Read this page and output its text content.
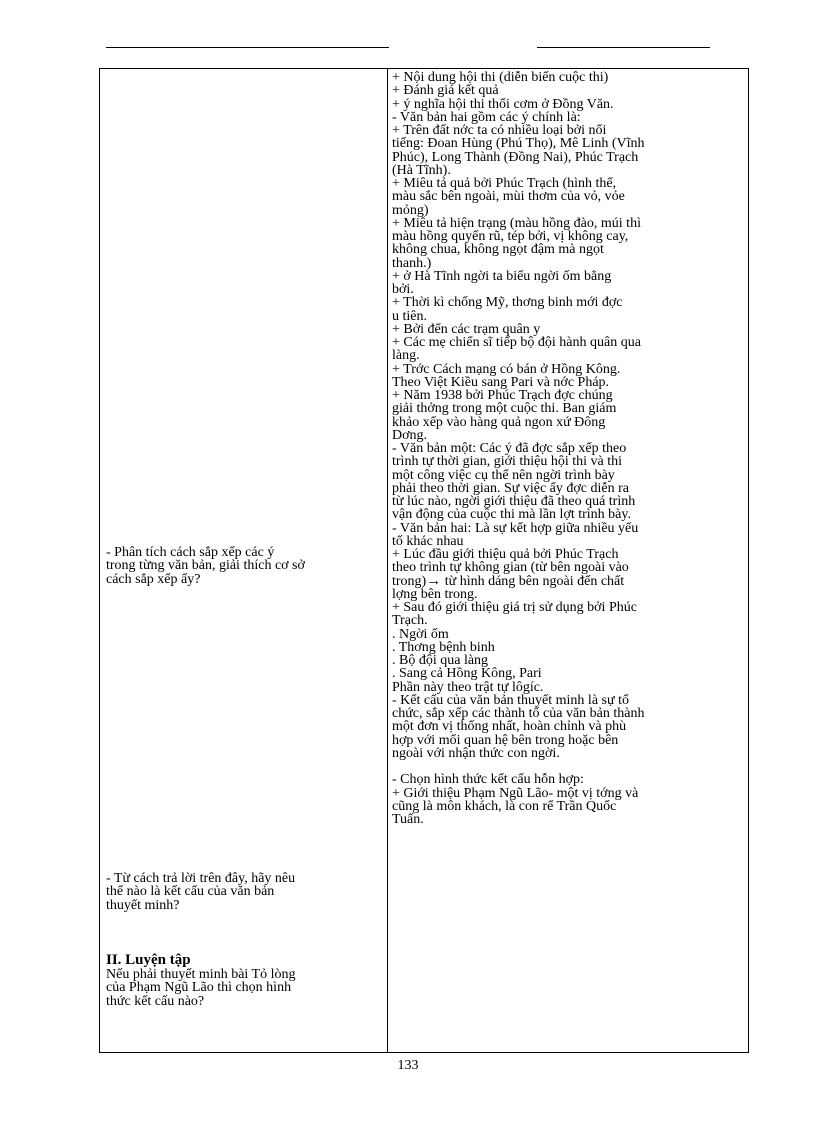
- Phân tích cách sắp xếp các ý
trong từng văn bản, giải thích cơ sở
cách sắp xếp ấy?
- Từ cách trả lời trên đây, hãy nêu
thế nào là kết cấu của văn bản
thuyết minh?
II. Luyện tập
Nếu phải thuyết minh bài Tỏ lòng
của Phạm Ngũ Lão thì chọn hình
thức kết cấu nào?
+ Nội dung hội thi (diễn biến cuộc thi)
+ Đánh giá kết quả
+ ý nghĩa hội thi thổi cơm ở Đồng Văn.
- Văn bản hai gồm các ý chính là:
+ Trên đất nớc ta có nhiều loại bởi nổi
tiếng: Đoan Hùng (Phú Thọ), Mê Linh (Vĩnh
Phúc), Long Thành (Đồng Nai), Phúc Trạch
(Hà Tĩnh).
+ Miêu tả quả bởi Phúc Trạch (hình thể,
màu sắc bên ngoài, mùi thơm của vỏ, vỏe
mỏng)
+ Miêu tả hiện trạng (màu hồng đào, múi thì
màu hồng quyến rũ, tép bởi, vị không cay,
không chua, không ngọt đậm mà ngọt
thanh.)
+ ở Hà Tĩnh ngời ta biếu ngời ốm bằng
bởi.
+ Thời kì chống Mỹ, thơng binh mới đợc
u tiên.
+ Bởi đến các trạm quân y
+ Các mẹ chiến sĩ tiếp bộ đội hành quân qua
làng.
+ Trớc Cách mạng có bán ở Hồng Kông.
Theo Việt Kiều sang Pari và nớc Pháp.
+ Năm 1938 bởi Phúc Trạch đợc chúng
giải thởng trong một cuộc thi. Ban giám
khảo xếp vào hàng quả ngon xứ Đông
Dơng.
- Văn bản một: Các ý đã đợc sắp xếp theo
trình tự thời gian, giới thiệu hội thi và thi
một công việc cụ thể nên ngời trình bày
phải theo thời gian. Sự việc ấy đợc diễn ra
từ lúc nào, ngời giới thiệu đã theo quá trình
vận động của cuộc thi mà lần lợt trình bày.
- Văn bản hai: Là sự kết hợp giữa nhiều yếu
tố khác nhau
+ Lúc đầu giới thiệu quả bởi Phúc Trạch
theo trình tự không gian (từ bên ngoài vào
trong)→ từ hình dáng bên ngoài đến chất
lợng bên trong.
+ Sau đó giới thiệu giá trị sử dụng bởi Phúc
Trạch.
. Ngời ốm
. Thơng bệnh binh
. Bộ đội qua làng
. Sang cả Hồng Kông, Pari
Phần này theo trật tự lôgíc.
- Kết cấu của văn bản thuyết minh là sự tổ
chức, sắp xếp các thành tố của văn bản thành
một đơn vị thống nhất, hoàn chỉnh và phù
hợp với mối quan hệ bên trong hoặc bên
ngoài với nhận thức con ngời.

- Chọn hình thức kết cấu hỗn hợp:
+ Giới thiệu Phạm Ngũ Lão- một vị tớng và
cũng là môn khách, là con rể Trần Quốc
Tuấn.
133
